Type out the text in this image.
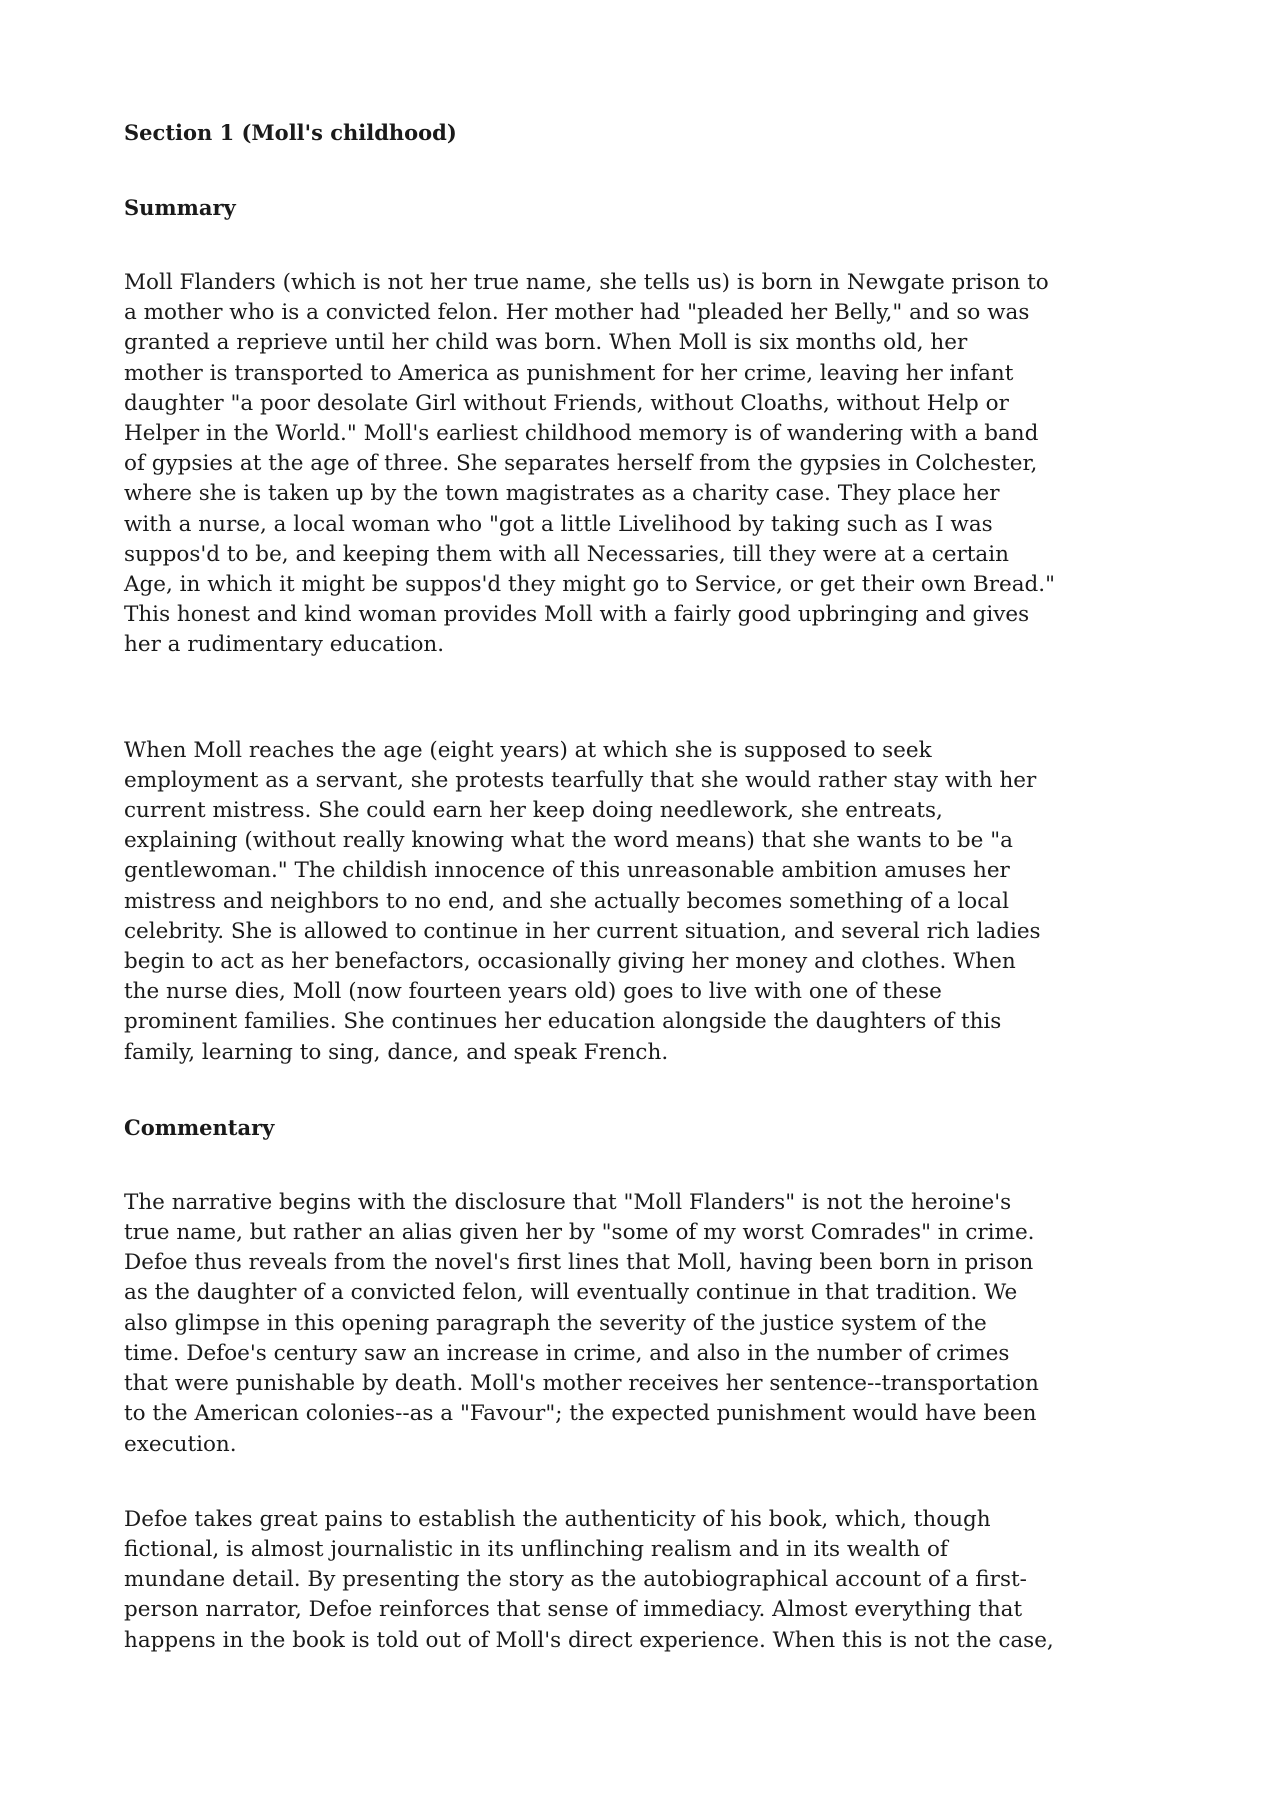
Section 1 (Moll's childhood)
Summary

Moll Flanders (which is not her true name, she tells us) is born in Newgate prison to
a mother who is a convicted felon. Her mother had "pleaded her Belly," and so was
granted a reprieve until her child was born. When Moll is six months old, her
mother is transported to America as punishment for her crime, leaving her infant
daughter "a poor desolate Girl without Friends, without Cloaths, without Help or
Helper in the World." Moll's earliest childhood memory is of wandering with a band
of gypsies at the age of three. She separates herself from the gypsies in Colchester,
where she is taken up by the town magistrates as a charity case. They place her
with a nurse, a local woman who "got a little Livelihood by taking such as I was
suppos'd to be, and keeping them with all Necessaries, till they were at a certain
Age, in which it might be suppos'd they might go to Service, or get their own Bread."
This honest and kind woman provides Moll with a fairly good upbringing and gives
her a rudimentary education.

When Moll reaches the age (eight years) at which she is supposed to seek
employment as a servant, she protests tearfully that she would rather stay with her
current mistress. She could earn her keep doing needlework, she entreats,
explaining (without really knowing what the word means) that she wants to be "a
gentlewoman." The childish innocence of this unreasonable ambition amuses her
mistress and neighbors to no end, and she actually becomes something of a local
celebrity. She is allowed to continue in her current situation, and several rich ladies
begin to act as her benefactors, occasionally giving her money and clothes. When
the nurse dies, Moll (now fourteen years old) goes to live with one of these
prominent families. She continues her education alongside the daughters of this
family, learning to sing, dance, and speak French.

Commentary

The narrative begins with the disclosure that "Moll Flanders" is not the heroine's
true name, but rather an alias given her by "some of my worst Comrades" in crime.
Defoe thus reveals from the novel's first lines that Moll, having been born in prison
as the daughter of a convicted felon, will eventually continue in that tradition. We
also glimpse in this opening paragraph the severity of the justice system of the
time. Defoe's century saw an increase in crime, and also in the number of crimes
that were punishable by death. Moll's mother receives her sentence--transportation
to the American colonies--as a "Favour"; the expected punishment would have been
execution.

Defoe takes great pains to establish the authenticity of his book, which, though
fictional, is almost journalistic in its unflinching realism and in its wealth of
mundane detail. By presenting the story as the autobiographical account of a first-
person narrator, Defoe reinforces that sense of immediacy. Almost everything that
happens in the book is told out of Moll's direct experience. When this is not the case,
